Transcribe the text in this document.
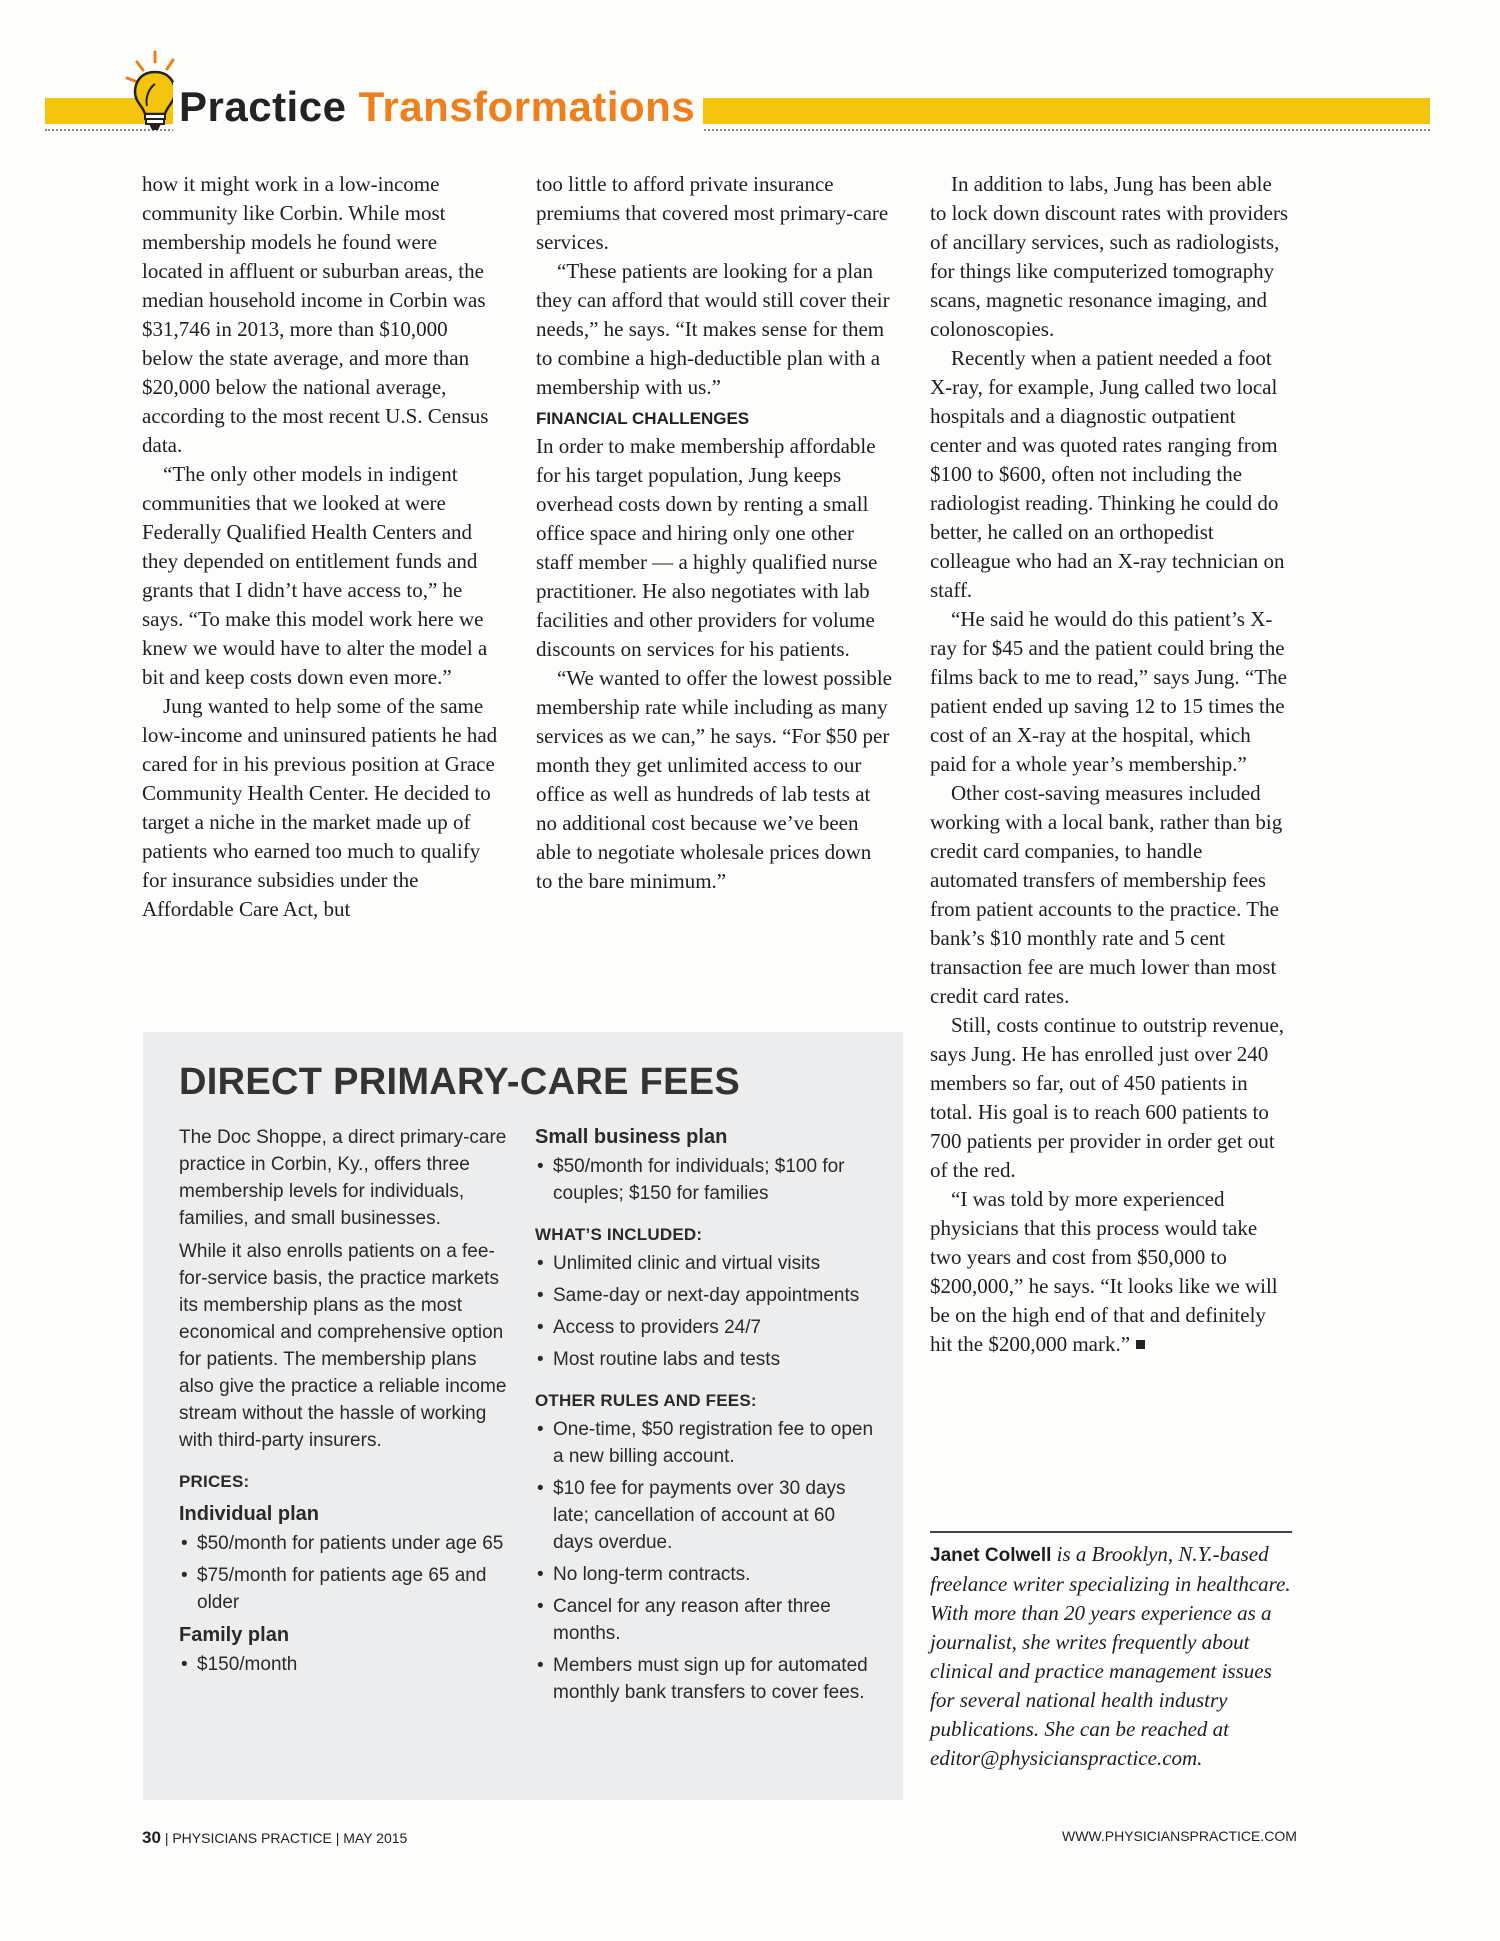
Practice Transformations

how it might work in a low-income community like Corbin. While most membership models he found were located in affluent or suburban areas, the median household income in Corbin was $31,746 in 2013, more than $10,000 below the state average, and more than $20,000 below the national average, according to the most recent U.S. Census data.

“The only other models in indigent communities that we looked at were Federally Qualified Health Centers and they depended on entitlement funds and grants that I didn’t have access to,” he says. “To make this model work here we knew we would have to alter the model a bit and keep costs down even more.”

Jung wanted to help some of the same low-income and uninsured patients he had cared for in his previous position at Grace Community Health Center. He decided to target a niche in the market made up of patients who earned too much to qualify for insurance subsidies under the Affordable Care Act, but

too little to afford private insurance premiums that covered most primary-care services.

“These patients are looking for a plan they can afford that would still cover their needs,” he says. “It makes sense for them to combine a high-deductible plan with a membership with us.”

FINANCIAL CHALLENGES

In order to make membership affordable for his target population, Jung keeps overhead costs down by renting a small office space and hiring only one other staff member — a highly qualified nurse practitioner. He also negotiates with lab facilities and other providers for volume discounts on services for his patients.

“We wanted to offer the lowest possible membership rate while including as many services as we can,” he says. “For $50 per month they get unlimited access to our office as well as hundreds of lab tests at no additional cost because we’ve been able to negotiate wholesale prices down to the bare minimum.”

In addition to labs, Jung has been able to lock down discount rates with providers of ancillary services, such as radiologists, for things like computerized tomography scans, magnetic resonance imaging, and colonoscopies.

Recently when a patient needed a foot X-ray, for example, Jung called two local hospitals and a diagnostic outpatient center and was quoted rates ranging from $100 to $600, often not including the radiologist reading. Thinking he could do better, he called on an orthopedist colleague who had an X-ray technician on staff.

“He said he would do this patient’s X-ray for $45 and the patient could bring the films back to me to read,” says Jung. “The patient ended up saving 12 to 15 times the cost of an X-ray at the hospital, which paid for a whole year’s membership.”

Other cost-saving measures included working with a local bank, rather than big credit card companies, to handle automated transfers of membership fees from patient accounts to the practice. The bank’s $10 monthly rate and 5 cent transaction fee are much lower than most credit card rates.

Still, costs continue to outstrip revenue, says Jung. He has enrolled just over 240 members so far, out of 450 patients in total. His goal is to reach 600 patients to 700 patients per provider in order get out of the red.

“I was told by more experienced physicians that this process would take two years and cost from $50,000 to $200,000,” he says. “It looks like we will be on the high end of that and definitely hit the $200,000 mark.”

DIRECT PRIMARY-CARE FEES

The Doc Shoppe, a direct primary-care practice in Corbin, Ky., offers three membership levels for individuals, families, and small businesses.

While it also enrolls patients on a fee-for-service basis, the practice markets its membership plans as the most economical and comprehensive option for patients. The membership plans also give the practice a reliable income stream without the hassle of working with third-party insurers.

PRICES:
Individual plan
• $50/month for patients under age 65
• $75/month for patients age 65 and older
Family plan
• $150/month
Small business plan
• $50/month for individuals; $100 for couples; $150 for families
WHAT’S INCLUDED:
• Unlimited clinic and virtual visits
• Same-day or next-day appointments
• Access to providers 24/7
• Most routine labs and tests
OTHER RULES AND FEES:
• One-time, $50 registration fee to open a new billing account.
• $10 fee for payments over 30 days late; cancellation of account at 60 days overdue.
• No long-term contracts.
• Cancel for any reason after three months.
• Members must sign up for automated monthly bank transfers to cover fees.
Janet Colwell is a Brooklyn, N.Y.-based freelance writer specializing in healthcare. With more than 20 years experience as a journalist, she writes frequently about clinical and practice management issues for several national health industry publications. She can be reached at editor@physicianspractice.com.
30 | PHYSICIANS PRACTICE | MAY 2015	WWW.PHYSICIANSPRACTICE.COM
